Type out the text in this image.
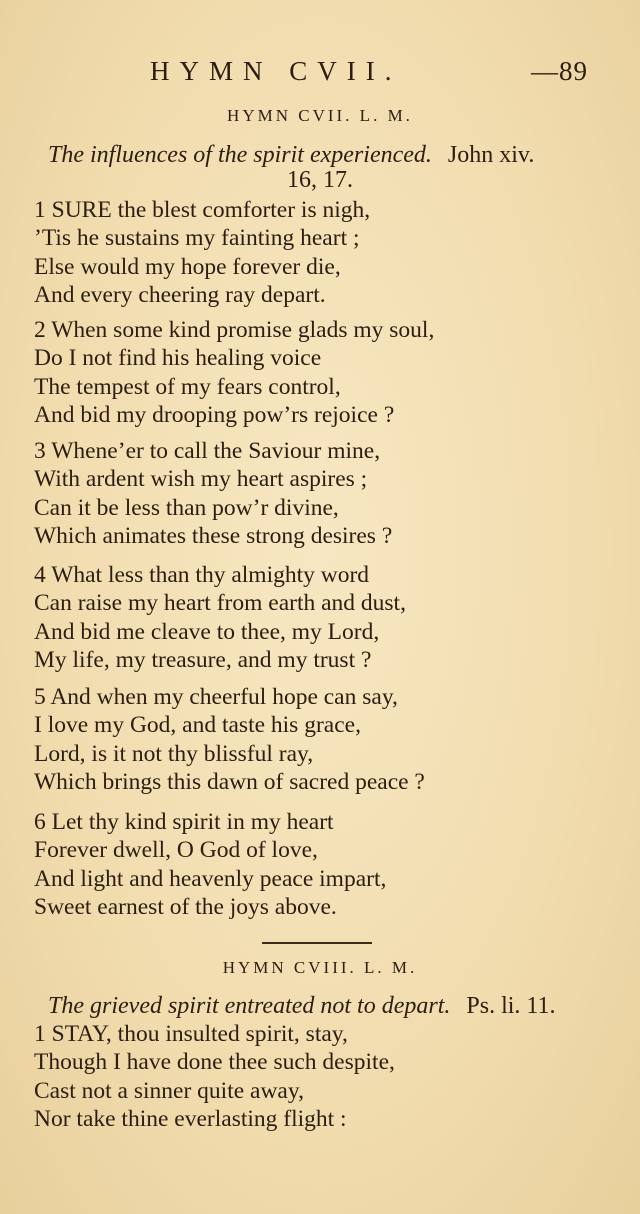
HYMN CVII.	—89
HYMN CVII. L. M.
The influences of the spirit experienced. John xiv.
16, 17.
1 SURE the blest comforter is nigh,
’Tis he sustains my fainting heart ;
Else would my hope forever die,
And every cheering ray depart.
2 When some kind promise glads my soul,
Do I not find his healing voice
The tempest of my fears control,
And bid my drooping pow’rs rejoice ?
3 Whene’er to call the Saviour mine,
With ardent wish my heart aspires ;
Can it be less than pow’r divine,
Which animates these strong desires ?
4 What less than thy almighty word
Can raise my heart from earth and dust,
And bid me cleave to thee, my Lord,
My life, my treasure, and my trust ?
5 And when my cheerful hope can say,
I love my God, and taste his grace,
Lord, is it not thy blissful ray,
Which brings this dawn of sacred peace ?
6 Let thy kind spirit in my heart
Forever dwell, O God of love,
And light and heavenly peace impart,
Sweet earnest of the joys above.
HYMN CVIII. L. M.
The grieved spirit entreated not to depart. Ps. li. 11.
1 STAY, thou insulted spirit, stay,
Though I have done thee such despite,
Cast not a sinner quite away,
Nor take thine everlasting flight :
